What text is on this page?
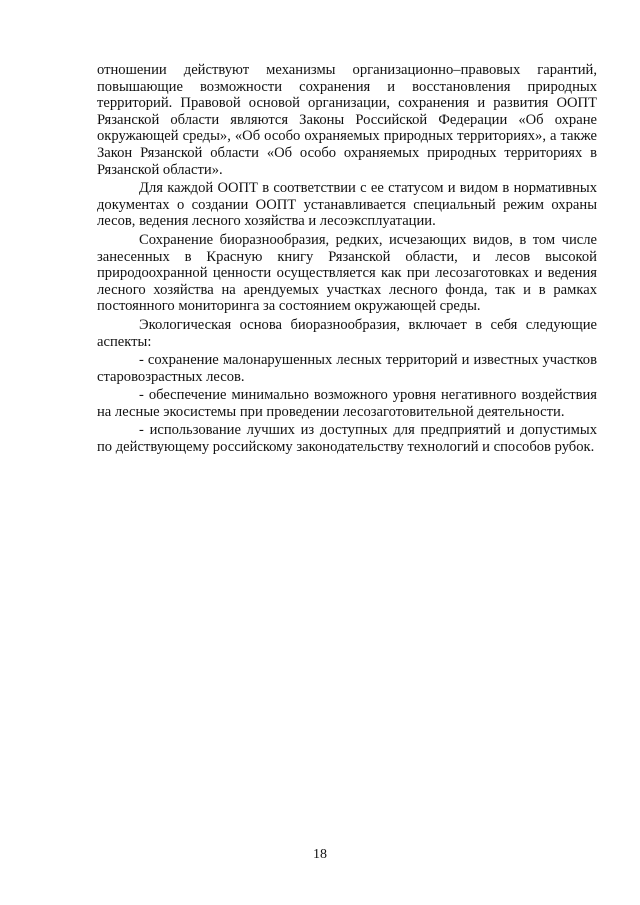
отношении действуют механизмы организационно–правовых гарантий, повышающие возможности сохранения и восстановления природных территорий. Правовой основой организации, сохранения и развития ООПТ Рязанской области являются Законы Российской Федерации «Об охране окружающей среды», «Об особо охраняемых природных территориях», а также Закон Рязанской области «Об особо охраняемых природных территориях в Рязанской области».

Для каждой ООПТ в соответствии с ее статусом и видом в нормативных документах о создании ООПТ устанавливается специальный режим охраны лесов, ведения лесного хозяйства и лесоэксплуатации.

Сохранение биоразнообразия, редких, исчезающих видов, в том числе занесенных в Красную книгу Рязанской области, и лесов высокой природоохранной ценности осуществляется как при лесозаготовках и ведения лесного хозяйства на арендуемых участках лесного фонда, так и в рамках постоянного мониторинга за состоянием окружающей среды.

Экологическая основа биоразнообразия, включает в себя следующие аспекты:

- сохранение малонарушенных лесных территорий и известных участков старовозрастных лесов.

- обеспечение минимально возможного уровня негативного воздействия на лесные экосистемы при проведении лесозаготовительной деятельности.

- использование лучших из доступных для предприятий и допустимых по действующему российскому законодательству технологий и способов рубок.

18
